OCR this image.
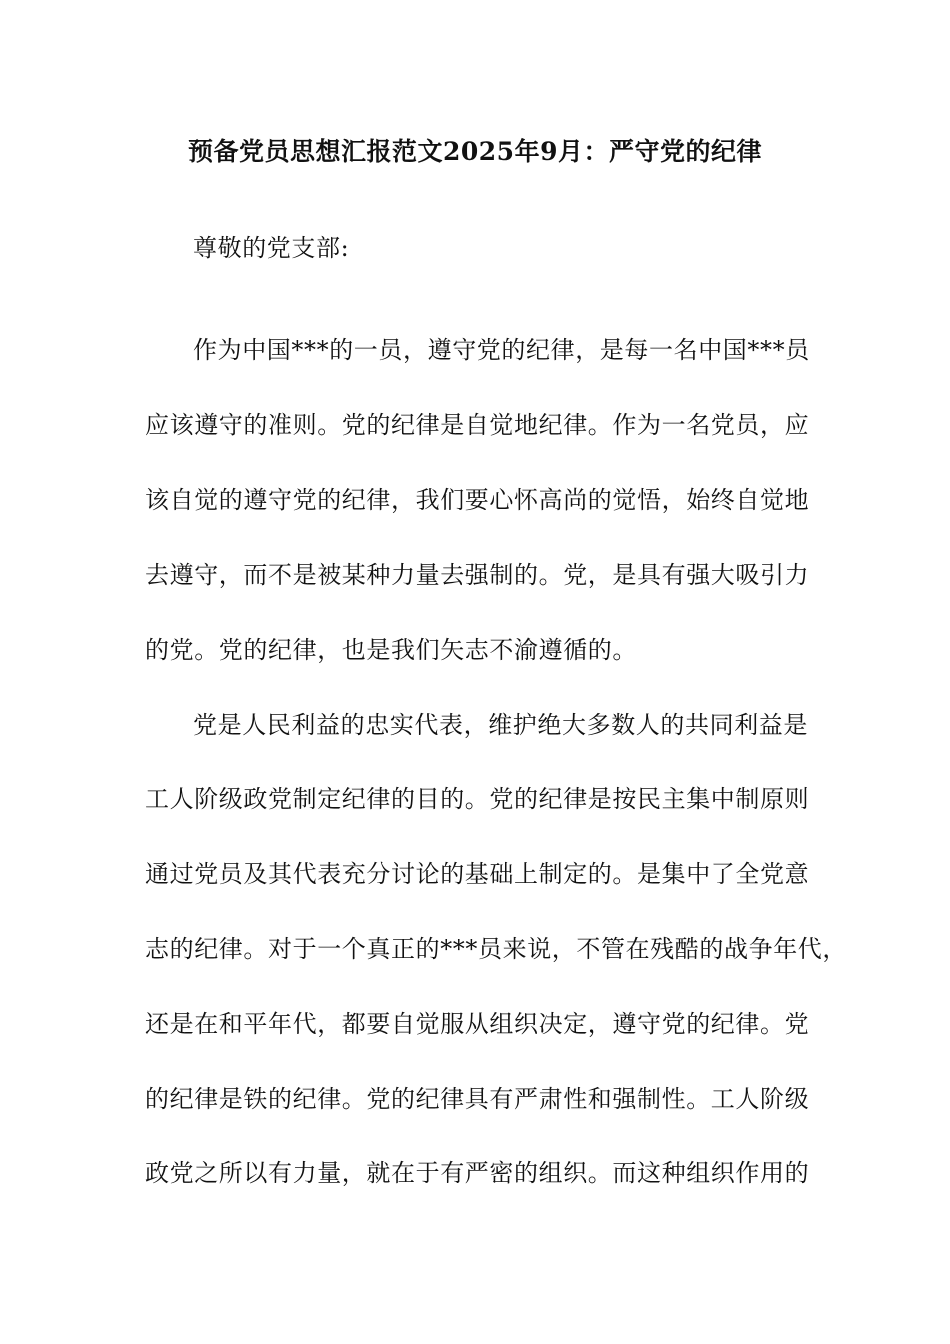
预备党员思想汇报范文2025年9月：严守党的纪律
尊敬的党支部:
作为中国***的一员，遵守党的纪律，是每一名中国***员
应该遵守的准则。党的纪律是自觉地纪律。作为一名党员，应
该自觉的遵守党的纪律，我们要心怀高尚的觉悟，始终自觉地
去遵守，而不是被某种力量去强制的。党，是具有强大吸引力
的党。党的纪律，也是我们矢志不渝遵循的。
党是人民利益的忠实代表，维护绝大多数人的共同利益是
工人阶级政党制定纪律的目的。党的纪律是按民主集中制原则
通过党员及其代表充分讨论的基础上制定的。是集中了全党意
志的纪律。对于一个真正的***员来说，不管在残酷的战争年代，
还是在和平年代，都要自觉服从组织决定，遵守党的纪律。党
的纪律是铁的纪律。党的纪律具有严肃性和强制性。工人阶级
政党之所以有力量，就在于有严密的组织。而这种组织作用的
